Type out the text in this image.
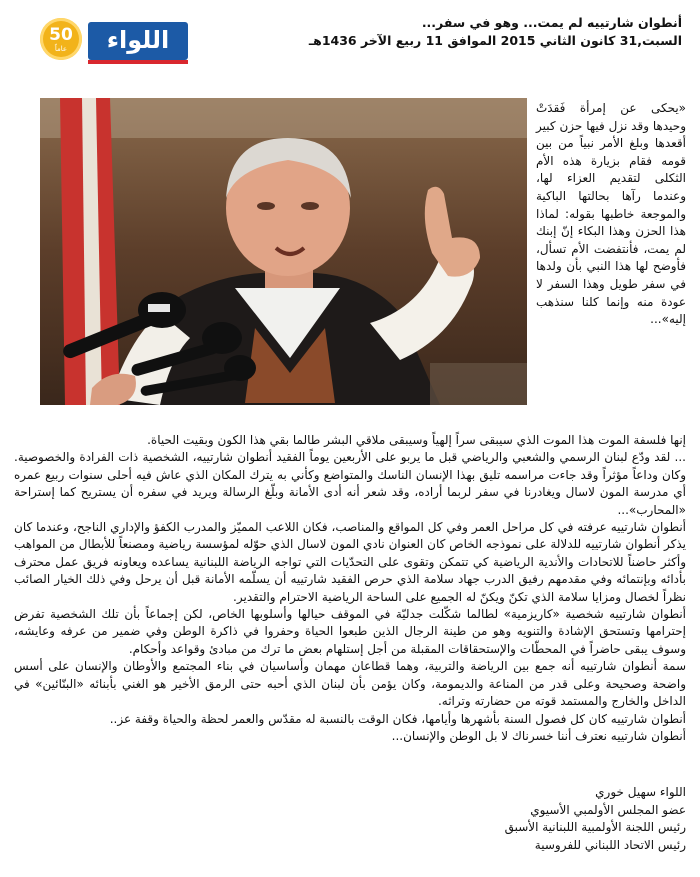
50
عاماً	اللواء
أنطوان شارتييه لم يمت... وهو في سفر...
السبت,31 كانون الثاني 2015 الموافق 11 ربيع الآخر 1436هـ
«يحكى عن إمرأة فَقدَتْ وحيدها وقد نزل فيها حزن كبير أقعدها وبلغ الأمر نبياً من بين قومه فقام بزيارة هذه الأم الثكلى لتقديم العزاء لها، وعندما رآها بحالتها الباكية والموجعة خاطبها بقوله: لماذا هذا الحزن وهذا البكاء إنّ إبنك لم يمت، فأنتفضت الأم تسأل، فأوضح لها هذا النبي بأن ولدها في سفر طويل وهذا السفر لا عودة منه وإنما كلنا سنذهب إليه»...

إنها فلسفة الموت هذا الموت الذي سيبقى سراً إلهياً وسيبقى ملاقي البشر طالما بقي هذا الكون وبقيت الحياة.

... لقد ودّع لبنان الرسمي والشعبي والرياضي قبل ما يربو على الأربعين يوماً الفقيد أنطوان شارتييه، الشخصية ذات الفرادة والخصوصية. وكان وداعاً مؤثراً وقد جاءت مراسمه تليق بهذا الإنسان الناسك والمتواضع وكأني به يترك المكان الذي عاش فيه أحلى سنوات ربيع عمره أي مدرسة المون لاسال ويغادرنا في سفر لربما أراده، وقد شعر أنه أدى الأمانة وبلّغ الرسالة ويريد في سفره أن يستريح كما إستراحة «المحارب»...

أنطوان شارتييه عرفته في كل مراحل العمر وفي كل المواقع والمناصب، فكان اللاعب المميّز والمدرب الكفؤ والإداري الناجح، وعندما كان يذكر أنطوان شارتييه للدلالة على نموذجه الخاص كان العنوان نادي المون لاسال الذي حوّله لمؤسسة رياضية ومصنعاً للأبطال من المواهب وأكثر حاضناً للاتحادات والأندية الرياضية كي تتمكن وتقوى على التحدّيات التي تواجه الرياضة اللبنانية يساعده ويعاونه فريق عمل محترف بأدائه وبإنتمائه وفي مقدمهم رفيق الدرب جهاد سلامة الذي حرص الفقيد شارتييه أن يسلّمه الأمانة قبل أن يرحل وفي ذلك الخيار الصائب نظراً لخصال ومزايا سلامة الذي تكنّ ويكنّ له الجميع على الساحة الرياضية الاحترام والتقدير.

أنطوان شارتييه شخصية «كاريزمية» لطالما شكّلت جدليّة في الموقف حيالها وأسلوبها الخاص، لكن إجماعاً بأن تلك الشخصية تفرض إحترامها وتستحق الإشادة والتنويه وهو من طينة الرجال الذين طبعوا الحياة وحفروا في ذاكرة الوطن وفي ضمير من عرفه وعايشه، وسوف يبقى حاضراً في المحطّات والإستحقاقات المقبلة من أجل إستلهام بعض ما ترك من مبادئ وقواعد وأحكام.

سمة أنطوان شارتييه أنه جمع بين الرياضة والتربية، وهما قطاعان مهمان وأساسيان في بناء المجتمع والأوطان والإنسان على أسس واضحة وصحيحة وعلى قدر من المناعة والديمومة، وكان يؤمن بأن لبنان الذي أحبه حتى الرمق الأخير هو الغني بأبنائه «البنّائين» في الداخل والخارج والمستمد قوته من حضارته وتراثه.

أنطوان شارتييه كان كل فصول السنة بأشهرها وأيامها، فكان الوقت بالنسبة له مقدّس والعمر لحظة والحياة وقفة عز..

أنطوان شارتييه نعترف أننا خسرناك لا بل الوطن والإنسان...

اللواء سهيل خوري
عضو المجلس الأولمبي الأسيوي
رئيس اللجنة الأولمبية اللبنانية الأسبق
رئيس الاتحاد اللبناني للفروسية
